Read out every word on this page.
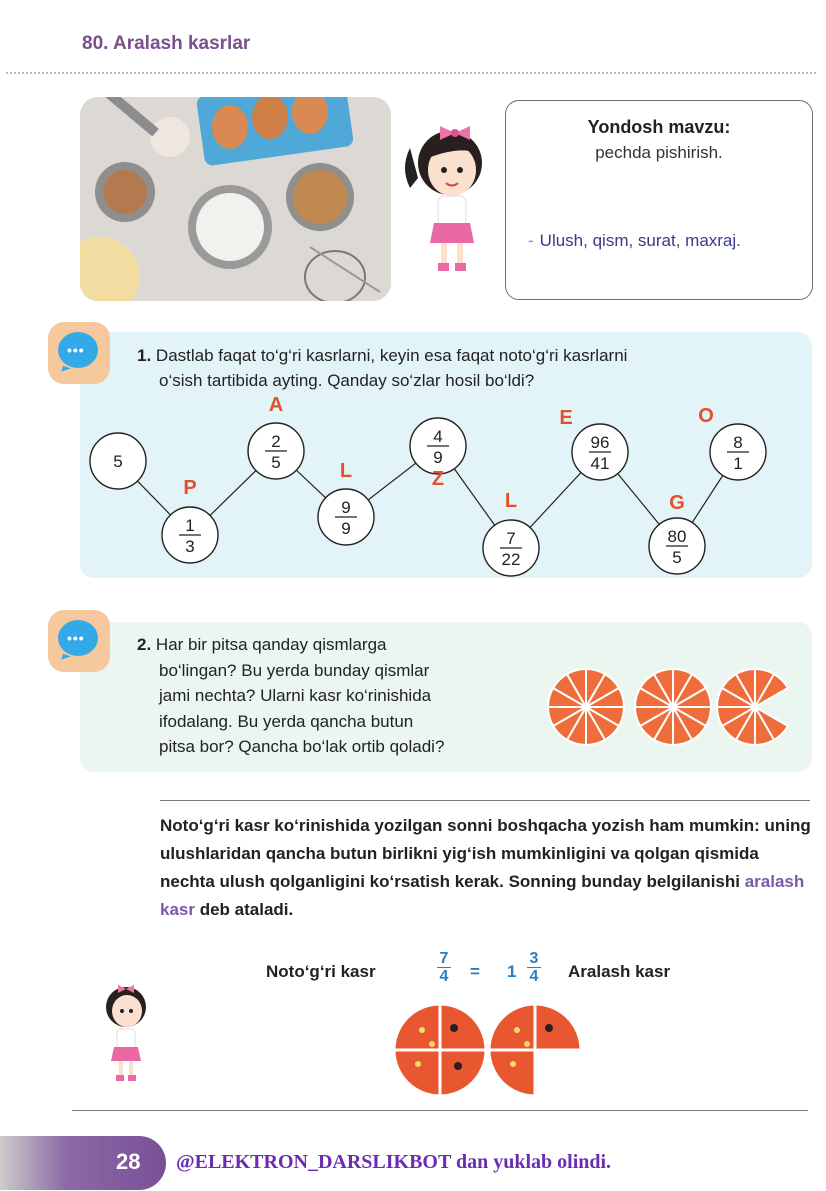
80. Aralash kasrlar
Yondosh mavzu:
pechda pishirish.
- Ulush, qism, surat, maxraj.
•••	1. Dastlab faqat to‘g‘ri kasrlarni, keyin esa faqat noto‘g‘ri kasrlarni
o‘sish tartibida ayting. Qanday so‘zlar hosil bo‘ldi?
5
1
3
P
2
5
A
9
9
L
4
9
Z
7
22
L
96
41
E
80
5
G
8
1
O
•••	2. Har bir pitsa qanday qismlarga
bo‘lingan? Bu yerda bunday qismlar
jami nechta? Ularni kasr ko‘rinishida
ifodalang. Bu yerda qancha butun
pitsa bor? Qancha bo‘lak ortib qoladi?
Noto‘g‘ri kasr ko‘rinishida yozilgan sonni boshqacha yozish ham mumkin: uning ulushlaridan qancha butun birlikni yig‘ish mumkinligini va qolgan qismida nechta ulush qolganligini ko‘rsatish kerak. Sonning bunday belgilanishi aralash kasr deb ataladi.
Noto‘g‘ri kasr
7
4 = 1
3
4 Aralash kasr
28 @ELEKTRON_DARSLIKBOT dan yuklab olindi.
